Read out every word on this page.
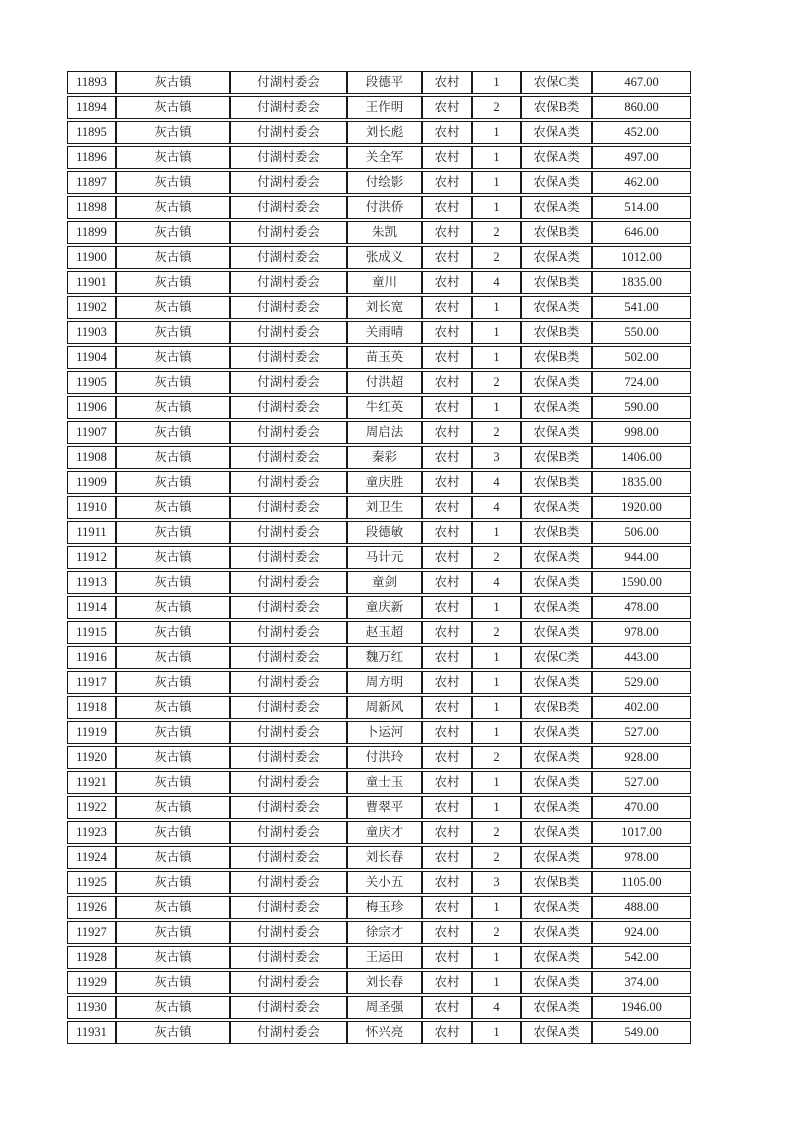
11893	灰古镇	付湖村委会	段德平	农村	1	农保C类	467.00
11894	灰古镇	付湖村委会	王作明	农村	2	农保B类	860.00
11895	灰古镇	付湖村委会	刘长彪	农村	1	农保A类	452.00
11896	灰古镇	付湖村委会	关全军	农村	1	农保A类	497.00
11897	灰古镇	付湖村委会	付绘影	农村	1	农保A类	462.00
11898	灰古镇	付湖村委会	付洪侨	农村	1	农保A类	514.00
11899	灰古镇	付湖村委会	朱凯	农村	2	农保B类	646.00
11900	灰古镇	付湖村委会	张成义	农村	2	农保A类	1012.00
11901	灰古镇	付湖村委会	童川	农村	4	农保B类	1835.00
11902	灰古镇	付湖村委会	刘长宽	农村	1	农保A类	541.00
11903	灰古镇	付湖村委会	关雨晴	农村	1	农保B类	550.00
11904	灰古镇	付湖村委会	苗玉英	农村	1	农保B类	502.00
11905	灰古镇	付湖村委会	付洪超	农村	2	农保A类	724.00
11906	灰古镇	付湖村委会	牛红英	农村	1	农保A类	590.00
11907	灰古镇	付湖村委会	周启法	农村	2	农保A类	998.00
11908	灰古镇	付湖村委会	秦彩	农村	3	农保B类	1406.00
11909	灰古镇	付湖村委会	童庆胜	农村	4	农保B类	1835.00
11910	灰古镇	付湖村委会	刘卫生	农村	4	农保A类	1920.00
11911	灰古镇	付湖村委会	段德敏	农村	1	农保B类	506.00
11912	灰古镇	付湖村委会	马计元	农村	2	农保A类	944.00
11913	灰古镇	付湖村委会	童剑	农村	4	农保A类	1590.00
11914	灰古镇	付湖村委会	童庆新	农村	1	农保A类	478.00
11915	灰古镇	付湖村委会	赵玉超	农村	2	农保A类	978.00
11916	灰古镇	付湖村委会	魏万红	农村	1	农保C类	443.00
11917	灰古镇	付湖村委会	周方明	农村	1	农保A类	529.00
11918	灰古镇	付湖村委会	周新风	农村	1	农保B类	402.00
11919	灰古镇	付湖村委会	卜运河	农村	1	农保A类	527.00
11920	灰古镇	付湖村委会	付洪玲	农村	2	农保A类	928.00
11921	灰古镇	付湖村委会	童士玉	农村	1	农保A类	527.00
11922	灰古镇	付湖村委会	曹翠平	农村	1	农保A类	470.00
11923	灰古镇	付湖村委会	童庆才	农村	2	农保A类	1017.00
11924	灰古镇	付湖村委会	刘长春	农村	2	农保A类	978.00
11925	灰古镇	付湖村委会	关小五	农村	3	农保B类	1105.00
11926	灰古镇	付湖村委会	梅玉珍	农村	1	农保A类	488.00
11927	灰古镇	付湖村委会	徐宗才	农村	2	农保A类	924.00
11928	灰古镇	付湖村委会	王运田	农村	1	农保A类	542.00
11929	灰古镇	付湖村委会	刘长春	农村	1	农保A类	374.00
11930	灰古镇	付湖村委会	周圣强	农村	4	农保A类	1946.00
11931	灰古镇	付湖村委会	怀兴亮	农村	1	农保A类	549.00
